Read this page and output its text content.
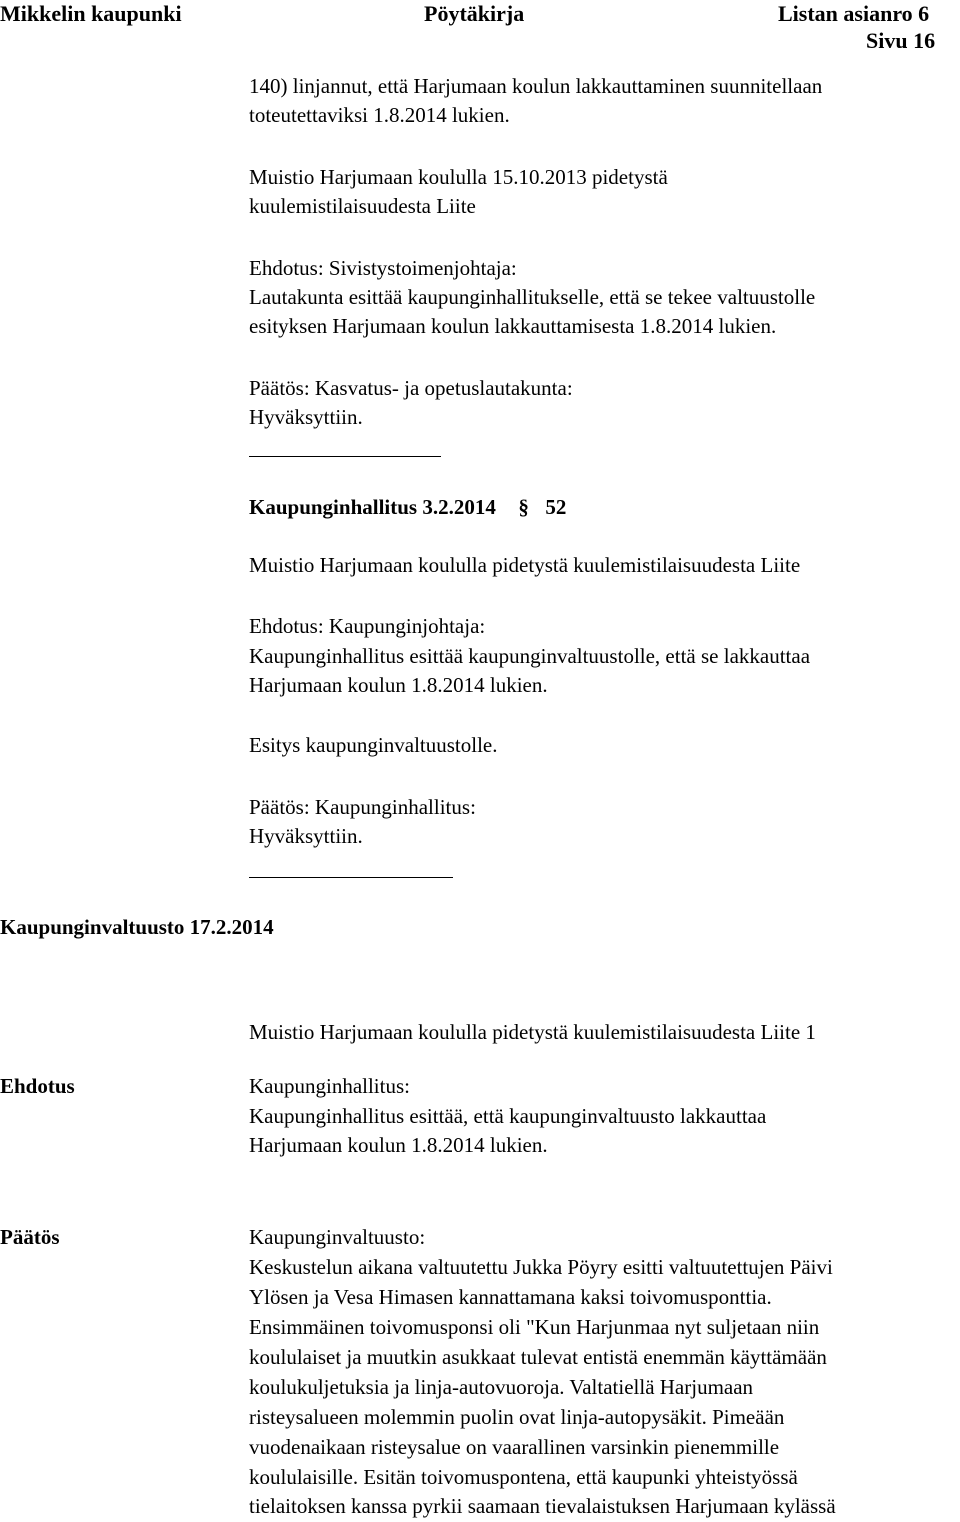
Mikkelin kaupunki	Pöytäkirja	Listan asianro 6
Sivu 16
140) linjannut, että Harjumaan koulun lakkauttaminen suunnitellaan
toteutettaviksi 1.8.2014 lukien.
Muistio Harjumaan koululla 15.10.2013 pidetystä
kuulemistilaisuudesta Liite
Ehdotus: Sivistystoimenjohtaja:
Lautakunta esittää kaupunginhallitukselle, että se tekee valtuustolle
esityksen Harjumaan koulun lakkauttamisesta 1.8.2014 lukien.
Päätös: Kasvatus- ja opetuslautakunta:
Hyväksyttiin.
Kaupunginhallitus 3.2.2014 § 52
Muistio Harjumaan koululla pidetystä kuulemistilaisuudesta Liite
Ehdotus: Kaupunginjohtaja:
Kaupunginhallitus esittää kaupunginvaltuustolle, että se lakkauttaa
Harjumaan koulun 1.8.2014 lukien.
Esitys kaupunginvaltuustolle.
Päätös: Kaupunginhallitus:
Hyväksyttiin.
Kaupunginvaltuusto 17.2.2014
Muistio Harjumaan koululla pidetystä kuulemistilaisuudesta Liite 1
Ehdotus	Kaupunginhallitus:
Kaupunginhallitus esittää, että kaupunginvaltuusto lakkauttaa
Harjumaan koulun 1.8.2014 lukien.
Päätös	Kaupunginvaltuusto:
Keskustelun aikana valtuutettu Jukka Pöyry esitti valtuutettujen Päivi
Ylösen ja Vesa Himasen kannattamana kaksi toivomusponttia.
Ensimmäinen toivomusponsi oli "Kun Harjunmaa nyt suljetaan niin
koululaiset ja muutkin asukkaat tulevat entistä enemmän käyttämään
koulukuljetuksia ja linja-autovuoroja. Valtatiellä Harjumaan
risteysalueen molemmin puolin ovat linja-autopysäkit. Pimeään
vuodenaikaan risteysalue on vaarallinen varsinkin pienemmille
koululaisille. Esitän toivomuspontena, että kaupunki yhteistyössä
tielaitoksen kanssa pyrkii saamaan tievalaistuksen Harjumaan kylässä
